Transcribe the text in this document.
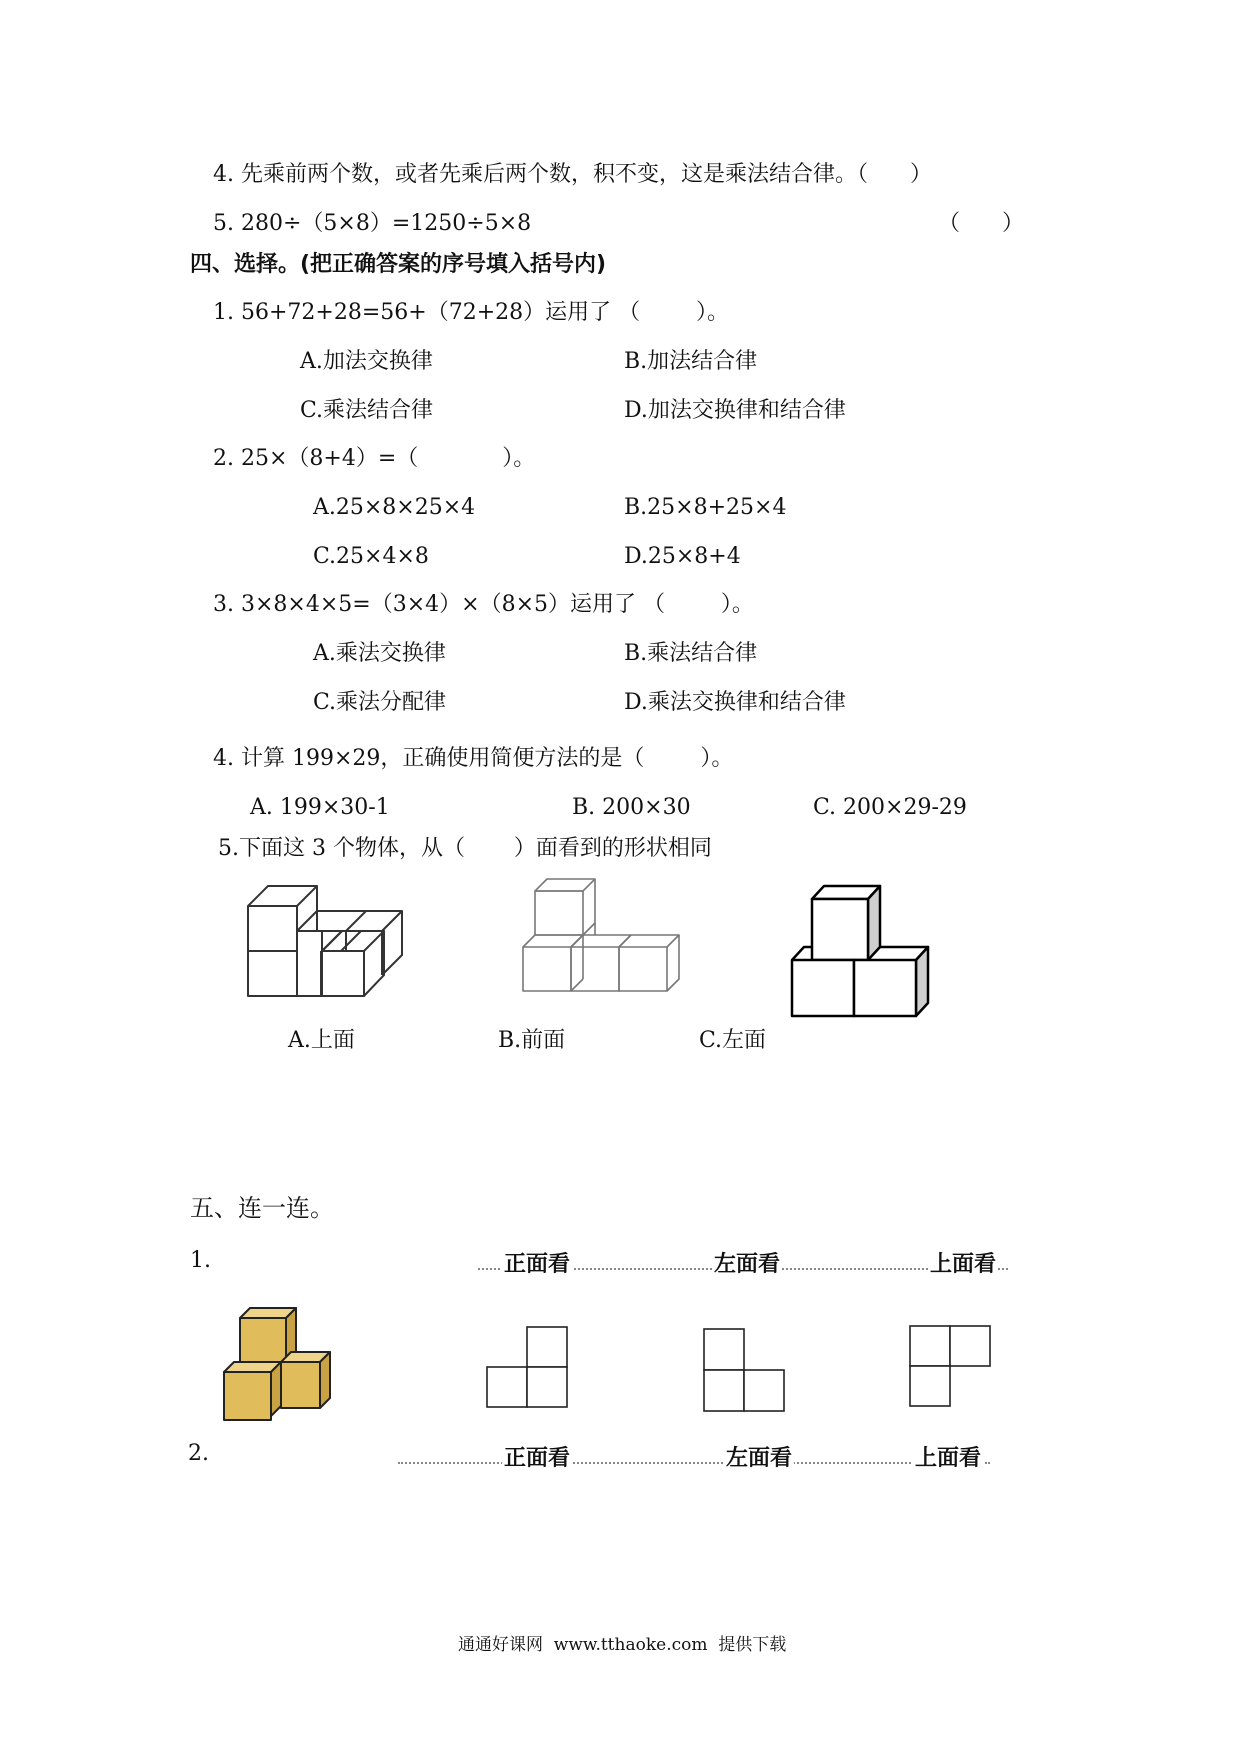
4. 先乘前两个数，或者先乘后两个数，积不变，这是乘法结合律。（      ）
5. 280÷（5×8）=1250÷5×8	（      ）
四、选择。(把正确答案的序号填入括号内)
1. 56+72+28=56+（72+28）运用了 （        ）。
A.加法交换律	B.加法结合律
C.乘法结合律	D.加法交换律和结合律
2. 25×（8+4）=（            ）。
A.25×8×25×4	B.25×8+25×4
C.25×4×8	D.25×8+4
3. 3×8×4×5=（3×4）×（8×5）运用了 （        ）。
A.乘法交换律	B.乘法结合律
C.乘法分配律	D.乘法交换律和结合律
4. 计算 199×29，正确使用简便方法的是（        ）。
A. 199×30-1	B. 200×30	C. 200×29-29
5.下面这 3 个物体，从（       ）面看到的形状相同
A.上面	B.前面	C.左面
五、连一连。
1.	正面看	左面看	上面看
2.	正面看	左面看	上面看
通通好课网  www.tthaoke.com  提供下载
